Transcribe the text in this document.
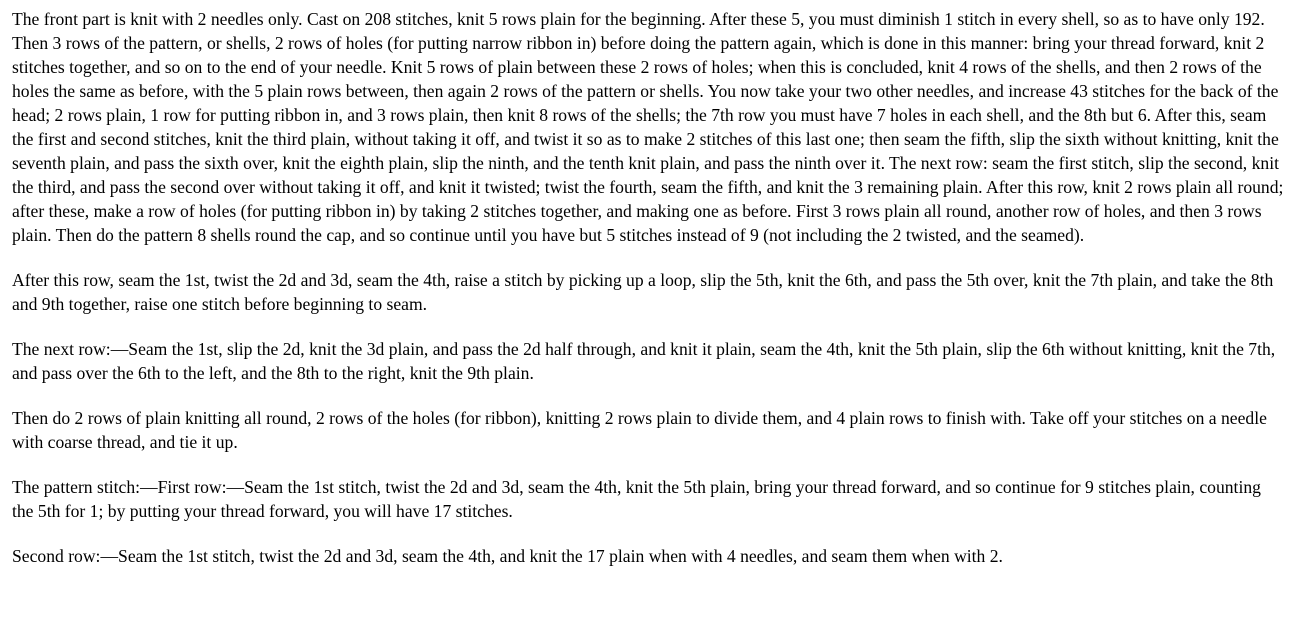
The front part is knit with 2 needles only. Cast on 208 stitches, knit 5 rows plain for the beginning. After these 5, you must diminish 1 stitch in every shell, so as to have only 192. Then 3 rows of the pattern, or shells, 2 rows of holes (for putting narrow ribbon in) before doing the pattern again, which is done in this manner: bring your thread forward, knit 2 stitches together, and so on to the end of your needle. Knit 5 rows of plain between these 2 rows of holes; when this is concluded, knit 4 rows of the shells, and then 2 rows of the holes the same as before, with the 5 plain rows between, then again 2 rows of the pattern or shells. You now take your two other needles, and increase 43 stitches for the back of the head; 2 rows plain, 1 row for putting ribbon in, and 3 rows plain, then knit 8 rows of the shells; the 7th row you must have 7 holes in each shell, and the 8th but 6. After this, seam the first and second stitches, knit the third plain, without taking it off, and twist it so as to make 2 stitches of this last one; then seam the fifth, slip the sixth without knitting, knit the seventh plain, and pass the sixth over, knit the eighth plain, slip the ninth, and the tenth knit plain, and pass the ninth over it. The next row: seam the first stitch, slip the second, knit the third, and pass the second over without taking it off, and knit it twisted; twist the fourth, seam the fifth, and knit the 3 remaining plain. After this row, knit 2 rows plain all round; after these, make a row of holes (for putting ribbon in) by taking 2 stitches together, and making one as before. First 3 rows plain all round, another row of holes, and then 3 rows plain. Then do the pattern 8 shells round the cap, and so continue until you have but 5 stitches instead of 9 (not including the 2 twisted, and the seamed).

After this row, seam the 1st, twist the 2d and 3d, seam the 4th, raise a stitch by picking up a loop, slip the 5th, knit the 6th, and pass the 5th over, knit the 7th plain, and take the 8th and 9th together, raise one stitch before beginning to seam.

The next row:—Seam the 1st, slip the 2d, knit the 3d plain, and pass the 2d half through, and knit it plain, seam the 4th, knit the 5th plain, slip the 6th without knitting, knit the 7th, and pass over the 6th to the left, and the 8th to the right, knit the 9th plain.

Then do 2 rows of plain knitting all round, 2 rows of the holes (for ribbon), knitting 2 rows plain to divide them, and 4 plain rows to finish with. Take off your stitches on a needle with coarse thread, and tie it up.

The pattern stitch:—First row:—Seam the 1st stitch, twist the 2d and 3d, seam the 4th, knit the 5th plain, bring your thread forward, and so continue for 9 stitches plain, counting the 5th for 1; by putting your thread forward, you will have 17 stitches.

Second row:—Seam the 1st stitch, twist the 2d and 3d, seam the 4th, and knit the 17 plain when with 4 needles, and seam them when with 2.
